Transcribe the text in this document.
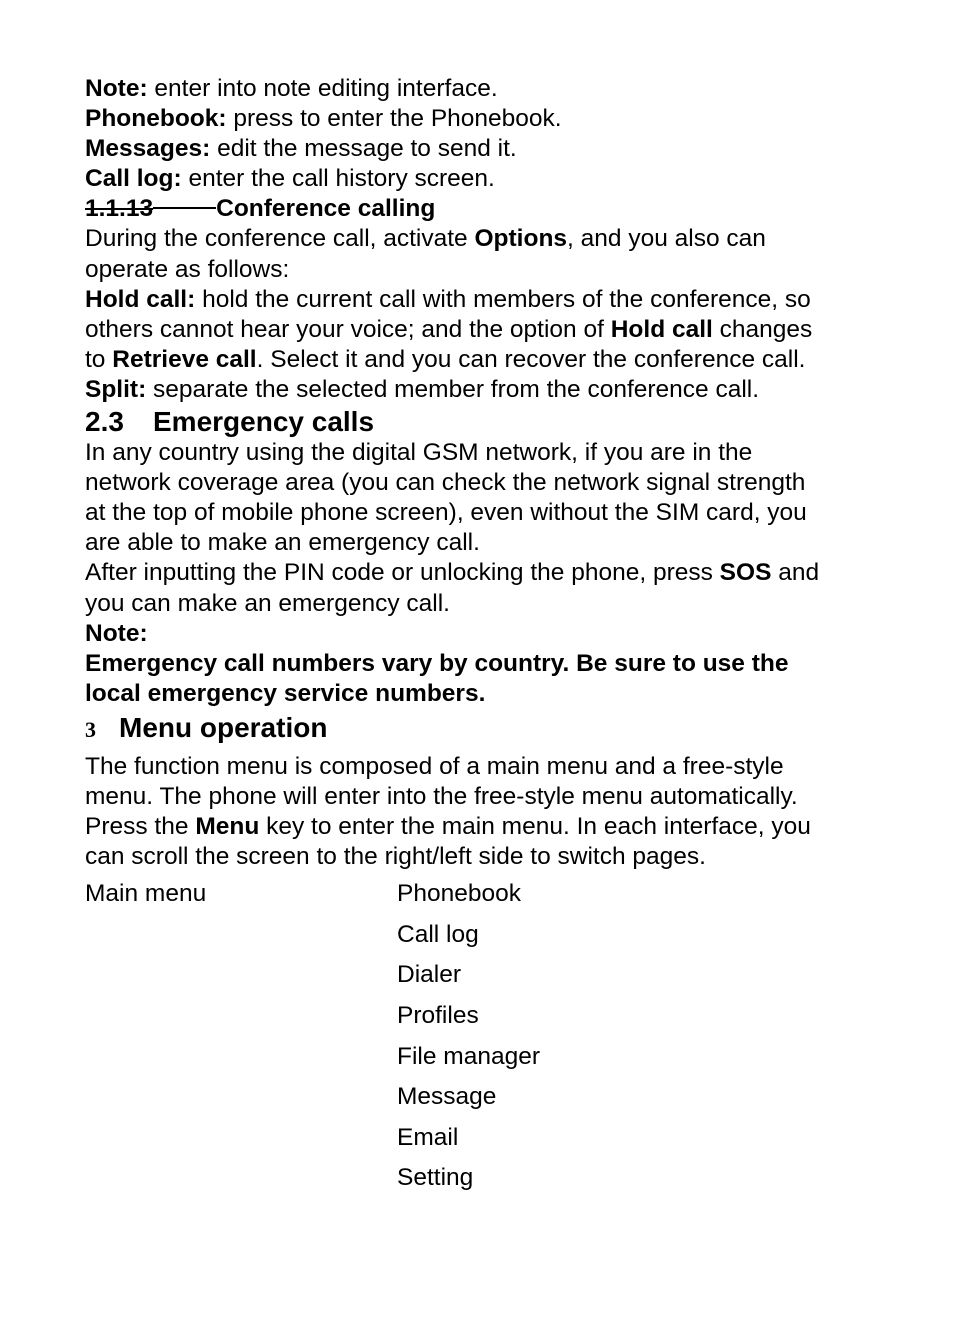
Note: enter into note editing interface.

Phonebook: press to enter the Phonebook.

Messages: edit the message to send it.

Call log: enter the call history screen.

1.1.13	Conference calling

During the conference call, activate Options, and you also can

operate as follows:

Hold call: hold the current call with members of the conference, so

others cannot hear your voice; and the option of Hold call changes

to Retrieve call. Select it and you can recover the conference call.

Split: separate the selected member from the conference call.

2.3 Emergency calls

In any country using the digital GSM network, if you are in the

network coverage area (you can check the network signal strength

at the top of mobile phone screen), even without the SIM card, you

are able to make an emergency call.

After inputting the PIN code or unlocking the phone, press SOS and

you can make an emergency call.

Note:

Emergency call numbers vary by country. Be sure to use the

local emergency service numbers.

3 Menu operation

The function menu is composed of a main menu and a free-style

menu. The phone will enter into the free-style menu automatically.

Press the Menu key to enter the main menu. In each interface, you

can scroll the screen to the right/left side to switch pages.

Main menu	Phonebook
Call log
Dialer
Profiles
File manager
Message
Email
Setting
